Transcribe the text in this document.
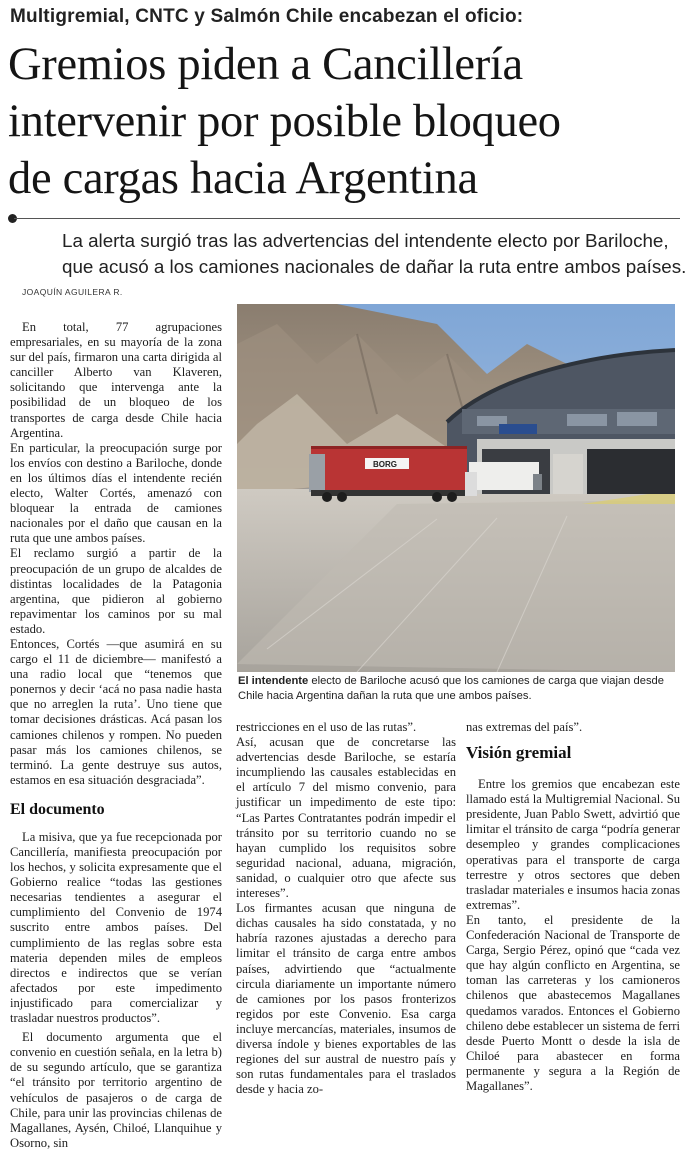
Multigremial, CNTC y Salmón Chile encabezan el oficio:
Gremios piden a Cancillería
intervenir por posible bloqueo
de cargas hacia Argentina
La alerta surgió tras las advertencias del intendente electo por Bariloche,
que acusó a los camiones nacionales de dañar la ruta entre ambos países.
JOAQUÍN AGUILERA R.

En total, 77 agrupaciones empresariales, en su mayoría de la zona sur del país, firmaron una carta dirigida al canciller Alberto van Klaveren, solicitando que intervenga ante la posibilidad de un bloqueo de los transportes de carga desde Chile hacia Argentina.

En particular, la preocupación surge por los envíos con destino a Bariloche, donde en los últimos días el intendente recién electo, Walter Cortés, amenazó con bloquear la entrada de camiones nacionales por el daño que causan en la ruta que une ambos países.

El reclamo surgió a partir de la preocupación de un grupo de alcaldes de distintas localidades de la Patagonia argentina, que pidieron al gobierno repavimentar los caminos por su mal estado.

Entonces, Cortés —que asumirá en su cargo el 11 de diciembre— manifestó a una radio local que “tenemos que ponernos y decir ‘acá no pasa nadie hasta que no arreglen la ruta’. Uno tiene que tomar decisiones drásticas. Acá pasan los camiones chilenos y rompen. No pueden pasar más los camiones chilenos, se terminó. La gente destruye sus autos, estamos en esa situación desgraciada”.

El documento

La misiva, que ya fue recepcionada por Cancillería, manifiesta preocupación por los hechos, y solicita expresamente que el Gobierno realice “todas las gestiones necesarias tendientes a asegurar el cumplimiento del Convenio de 1974 suscrito entre ambos países. Del cumplimiento de las reglas sobre esta materia dependen miles de empleos directos e indirectos que se verían afectados por este impedimento injustificado para comercializar y trasladar nuestros productos”.

El documento argumenta que el convenio en cuestión señala, en la letra b) de su segundo artículo, que se garantiza “el tránsito por territorio argentino de vehículos de pasajeros o de carga de Chile, para unir las provincias chilenas de Magallanes, Aysén, Chiloé, Llanquihue y Osorno, sin

BORG
El intendente electo de Bariloche acusó que los camiones de carga que viajan desde Chile hacia Argentina dañan la ruta que une ambos países.

restricciones en el uso de las rutas”.

Así, acusan que de concretarse las advertencias desde Bariloche, se estaría incumpliendo las causales establecidas en el artículo 7 del mismo convenio, para justificar un impedimento de este tipo: “Las Partes Contratantes podrán impedir el tránsito por su territorio cuando no se hayan cumplido los requisitos sobre seguridad nacional, aduana, migración, sanidad, o cualquier otro que afecte sus intereses”.

Los firmantes acusan que ninguna de dichas causales ha sido constatada, y no habría razones ajustadas a derecho para limitar el tránsito de carga entre ambos países, advirtiendo que “actualmente circula diariamente un importante número de camiones por los pasos fronterizos regidos por este Convenio. Esa carga incluye mercancías, materiales, insumos de diversa índole y bienes exportables de las regiones del sur austral de nuestro país y son rutas fundamentales para el traslados desde y hacia zo-

nas extremas del país”.

Visión gremial

Entre los gremios que encabezan este llamado está la Multigremial Nacional. Su presidente, Juan Pablo Swett, advirtió que limitar el tránsito de carga “podría generar desempleo y grandes complicaciones operativas para el transporte de carga terrestre y otros sectores que deben trasladar materiales e insumos hacia zonas extremas”.

En tanto, el presidente de la Confederación Nacional de Transporte de Carga, Sergio Pérez, opinó que “cada vez que hay algún conflicto en Argentina, se toman las carreteras y los camioneros chilenos que abastecemos Magallanes quedamos varados. Entonces el Gobierno chileno debe establecer un sistema de ferri desde Puerto Montt o desde la isla de Chiloé para abastecer en forma permanente y segura a la Región de Magallanes”.
